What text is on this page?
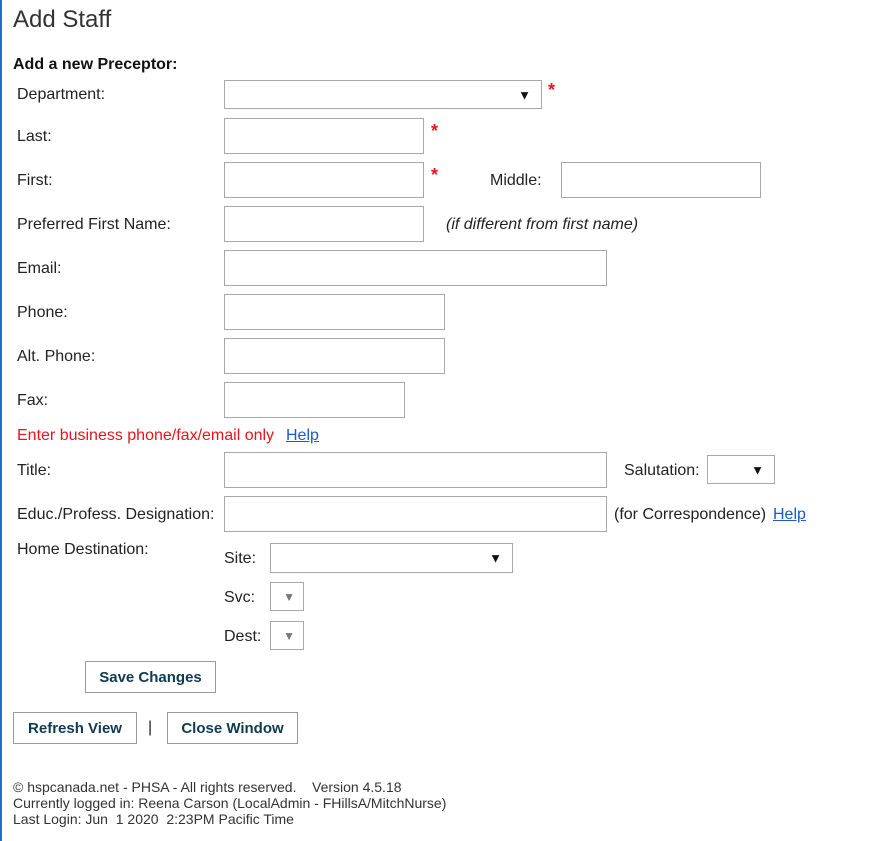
Add Staff
Add a new Preceptor:
Department:	▼ *
Last:	*
First:	*	Middle:
Preferred First Name:	(if different from first name)
Email:
Phone:
Alt. Phone:
Fax:
Enter business phone/fax/email only Help
Title:	Salutation:	▼
Educ./Profess. Designation:	(for Correspondence) Help
Home Destination:
Site:	▼
Svc: ▼
Dest: ▼
Save Changes
Refresh View	|	Close Window
© hspcanada.net - PHSA - All rights reserved.    Version 4.5.18
Currently logged in: Reena Carson (LocalAdmin - FHillsA/MitchNurse)
Last Login: Jun  1 2020  2:23PM Pacific Time
